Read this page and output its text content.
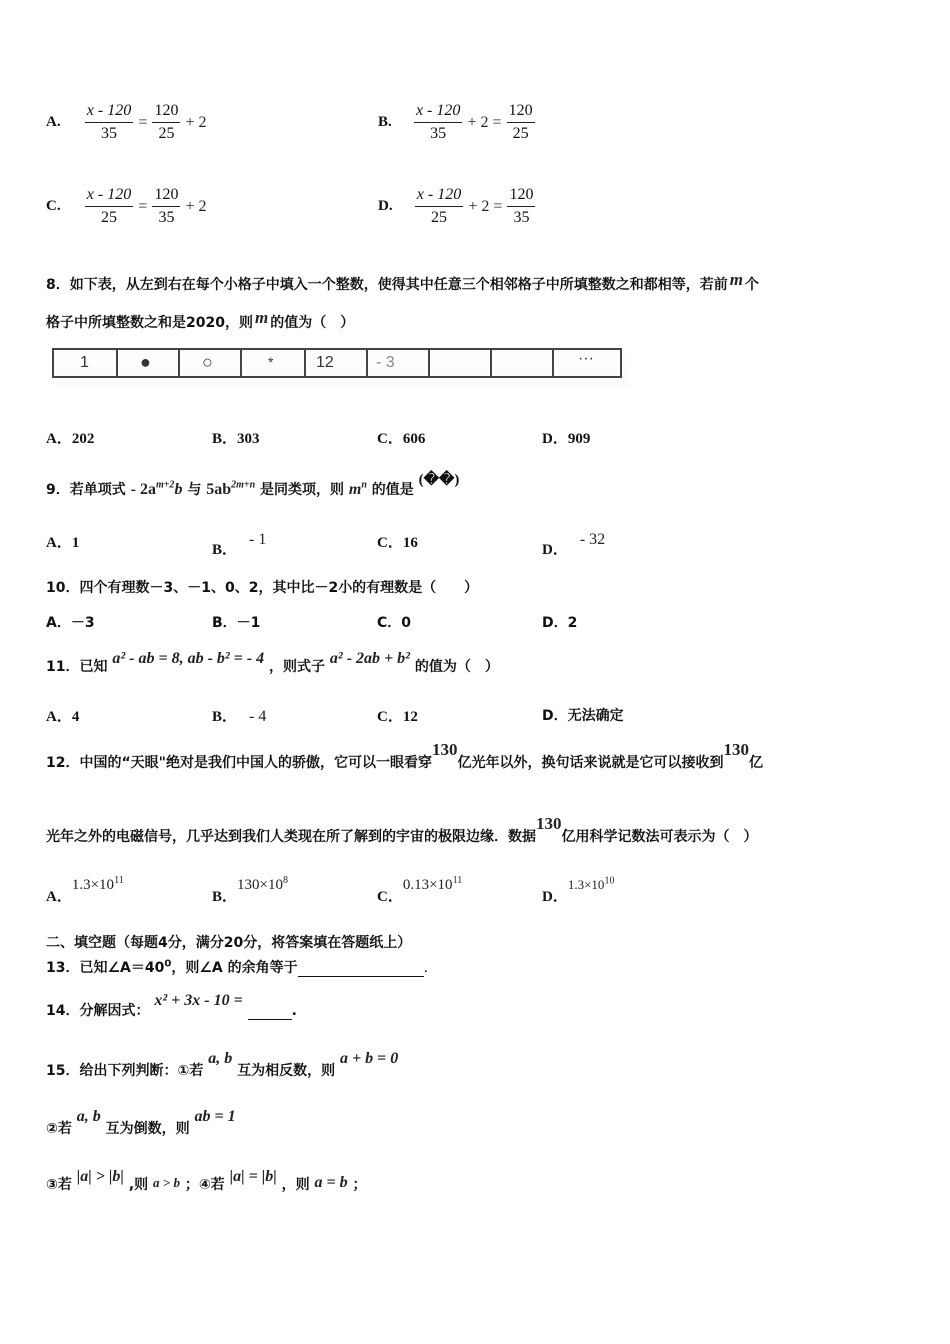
A. $\frac{x - 120}{35} = \frac{120}{25} + 2$	B. $\frac{x - 120}{35} + 2 = \frac{120}{25}$
C. $\frac{x - 120}{25} = \frac{120}{35} + 2$	D. $\frac{x - 120}{25} + 2 = \frac{120}{35}$
8．如下表，从左到右在每个小格子中填入一个整数，使得其中任意三个相邻格子中所填整数之和都相等，若前 m 个
格子中所填整数之和是2020，则 m 的值为（　）
1	●	○	*	12	- 3	···
A．202	B．303	C．606	D．909
9．若单项式 - $2a^{m+2}b$ 与 $5ab^{2m+n}$ 是同类项，则 $m^n$ 的值是 (��)
A．1	B．- 1	C．16	D．- 32
10．四个有理数－3、－1、0、2，其中比－2小的有理数是（　　）
A．－3	B．－1	C．0	D．2
11．已知 a² - ab = 8, ab - b² = - 4 ，则式子 a² - 2ab + b² 的值为（　）
A．4	B． - 4	C．12	D．无法确定
12．中国的“天眼"绝对是我们中国人的骄傲，它可以一眼看穿130亿光年以外，换句话来说就是它可以接收到130亿
光年之外的电磁信号，几乎达到我们人类现在所了解到的宇宙的极限边缘．数据130亿用科学记数法可表示为（　）
A．$1.3\times 10^{11}$
B．$130\times 10^8$
C．$0.13\times 10^{11}$
D．$1.3\times 10^{10}$
二、填空题（每题4分，满分20分，将答案填在答题纸上）
13．已知$\angle A=40^0$，则∠A 的余角等于	.
14．分解因式： x² + 3x - 10 = .
15．给出下列判断：①若 a, b 互为相反数，则 a + b = 0
②若 a, b 互为倒数，则 ab = 1
③若 |a| > |b| ,则 a > b ；④若 |a| = |b| ，则 a = b ；
